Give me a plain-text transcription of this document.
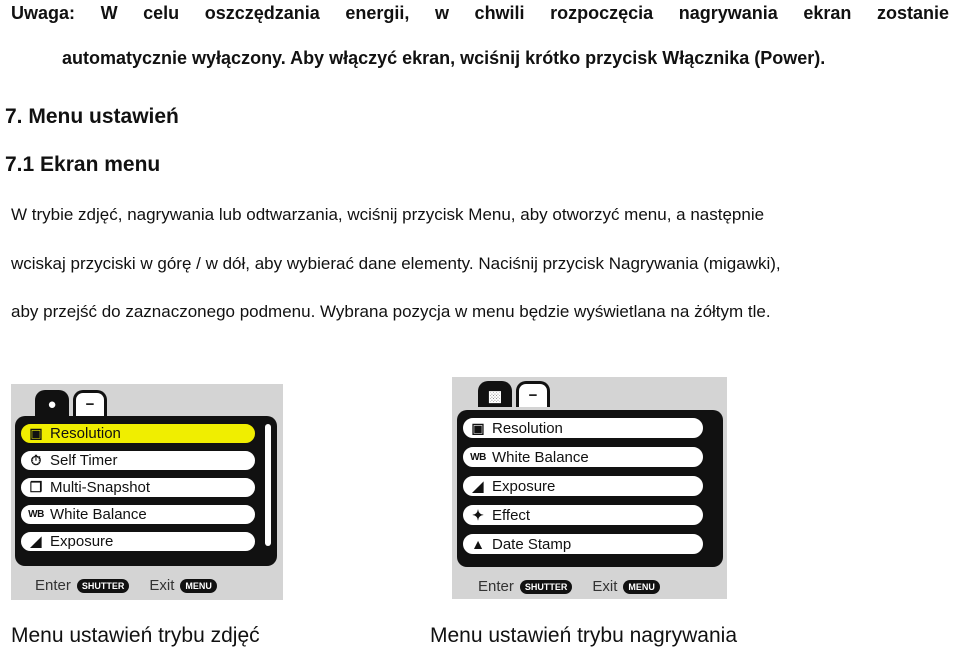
Uwaga: W celu oszczędzania energii, w chwili rozpoczęcia nagrywania ekran zostanie
automatycznie wyłączony. Aby włączyć ekran, wciśnij krótko przycisk Włącznika (Power).
7. Menu ustawień
7.1 Ekran menu
W trybie zdjęć, nagrywania lub odtwarzania, wciśnij przycisk Menu, aby otworzyć menu, a następnie
wciskaj przyciski w górę / w dół, aby wybierać dane elementy. Naciśnij przycisk Nagrywania (migawki),
aby przejść do zaznaczonego podmenu. Wybrana pozycja w menu będzie wyświetlana na żółtym tle.
●	−
▣ Resolution
⏱ Self Timer
❐ Multi-Snapshot
WB White Balance
◢ Exposure
Enter	SHUTTER	Exit	MENU
▩	−
▣ Resolution
WB White Balance
◢ Exposure
✦ Effect
▲ Date Stamp
Enter	SHUTTER	Exit	MENU
Menu ustawień trybu zdjęć	Menu ustawień trybu nagrywania
